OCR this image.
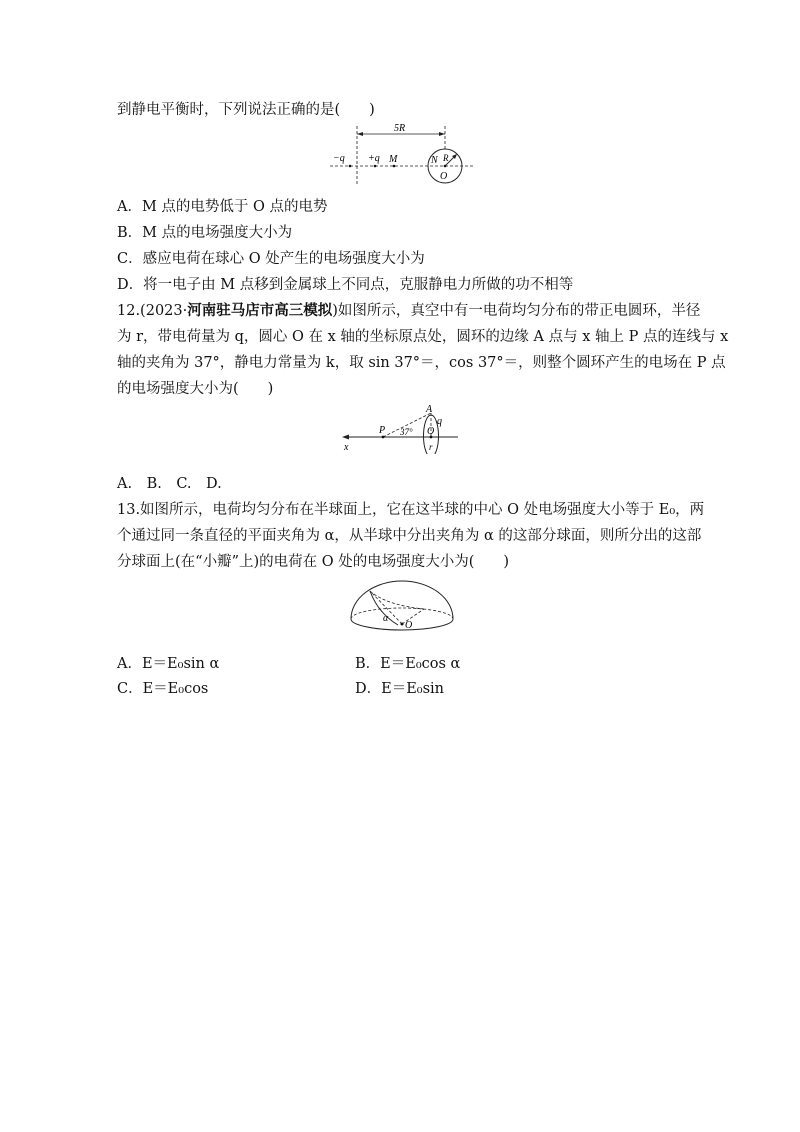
到静电平衡时，下列说法正确的是(　　)
5R
−q +q M	N R
O
A．M 点的电势低于 O 点的电势
B．M 点的电场强度大小为
C．感应电荷在球心 O 处产生的电场强度大小为
D．将一电子由 M 点移到金属球上不同点，克服静电力所做的功不相等
12.(2023·河南驻马店市高三模拟)如图所示，真空中有一电荷均匀分布的带正电圆环，半径
为 r，带电荷量为 q，圆心 O 在 x 轴的坐标原点处，圆环的边缘 A 点与 x 轴上 P 点的连线与 x
轴的夹角为 37°，静电力常量为 k，取 sin 37°＝，cos 37°＝，则整个圆环产生的电场在 P 点
的电场强度大小为(　　)
x
A
q
P 37° O
r
A.　B.　C.　D.
13.如图所示，电荷均匀分布在半球面上，它在这半球的中心 O 处电场强度大小等于 E₀，两
个通过同一条直径的平面夹角为 α，从半球中分出夹角为 α 的这部分球面，则所分出的这部
分球面上(在“小瓣”上)的电荷在 O 处的电场强度大小为(　　)
α
O
A．E＝E₀sin α	B．E＝E₀cos α
C．E＝E₀cos	D．E＝E₀sin
